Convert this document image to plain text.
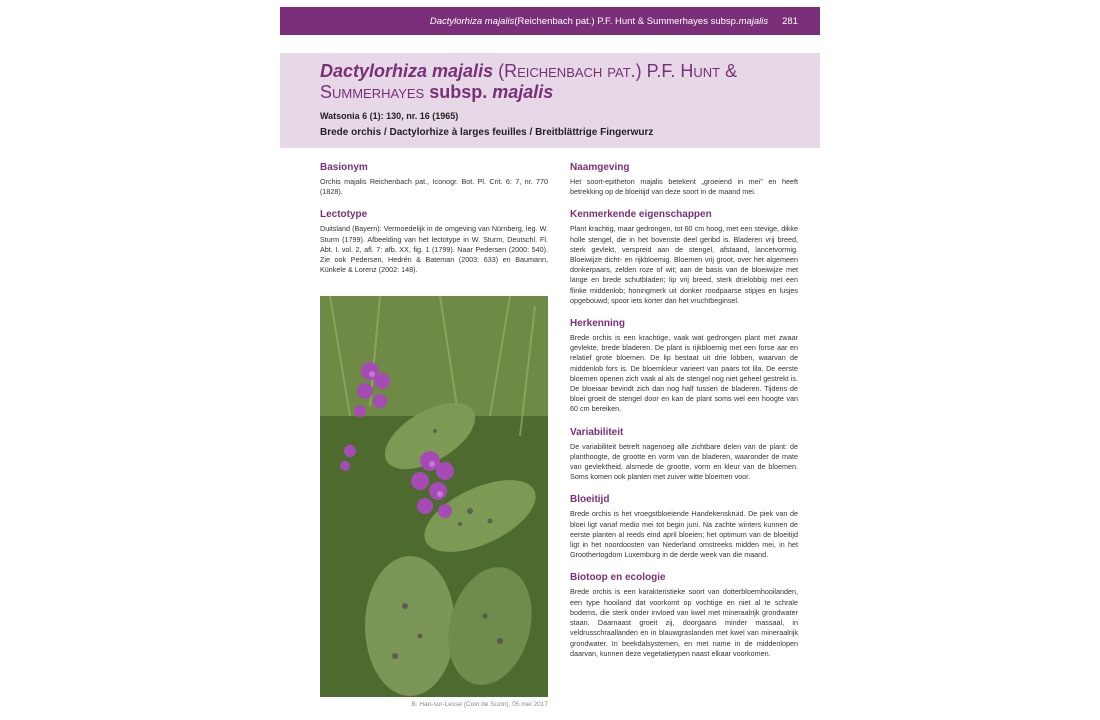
Dactylorhiza majalis (Reichenbach pat.) P.F. Hunt & Summerhayes subsp. majalis 281
Dactylorhiza majalis (Reichenbach pat.) P.F. Hunt & Summerhayes subsp. majalis
Watsonia 6 (1): 130, nr. 16 (1965)
Brede orchis / Dactylorhize à larges feuilles / Breitblättrige Fingerwurz
Basionym
Orchis majalis Reichenbach pat., Iconogr. Bot. Pl. Crit. 6: 7, nr. 770 (1828).
Lectotype
Duitsland (Bayern): Vermoedelijk in de omgeving van Nürnberg, leg. W. Sturm (1799). Afbeelding van het lectotype in W. Sturm, Deutschl. Fl. Abt. I. vol. 2, afl. 7: afb. XX, fig. 1 (1799). Naar Pedersen (2000: 540). Zie ook Pedersen, Hedrén & Bateman (2003: 633) en Baumann, Künkele & Lorenz (2002: 148).
B: Han-sur-Lesse (Coin de Suzin), 05 mei 2017
Naamgeving
Het soort-epitheton majalis betekent „groeiend in mei" en heeft betrekking op de bloeitijd van deze soort in de maand mei.
Kenmerkende eigenschappen
Plant krachtig, maar gedrongen, tot 60 cm hoog, met een stevige, dikke holle stengel, die in het bovenste deel geribd is. Bladeren vrij breed, sterk gevlekt, verspreid aan de stengel, afstaand, lancetvormig. Bloeiwijze dicht- en rijkbloemig. Bloemen vrij groot, over het algemeen donkerpaars, zelden roze of wit; aan de basis van de bloeiwijze met lange en brede schutbladen; lip vrij breed, sterk drielobbig met een flinke middenlob; honingmerk uit donker roodpaarse stipjes en lusjes opgebouwd; spoor iets korter dan het vruchtbeginsel.
Herkenning
Brede orchis is een krachtige, vaak wat gedrongen plant met zwaar gevlekte, brede bladeren. De plant is rijkbloemig met een forse aar en relatief grote bloemen. De lip bestaat uit drie lobben, waarvan de middenlob fors is. De bloemkleur varieert van paars tot lila. De eerste bloemen openen zich vaak al als de stengel nog niet geheel gestrekt is. De bloeiaar bevindt zich dan nog half tussen de bladeren. Tijdens de bloei groeit de stengel door en kan de plant soms wel een hoogte van 60 cm bereiken.
Variabiliteit
De variabiliteit betreft nagenoeg alle zichtbare delen van de plant: de planthoogte, de grootte en vorm van de bladeren, waaronder de mate van gevlektheid, alsmede de grootte, vorm en kleur van de bloemen. Soms komen ook planten met zuiver witte bloemen voor.
Bloeitijd
Brede orchis is het vroegstbloeiende Handekenskruid. De piek van de bloei ligt vanaf medio mei tot begin juni. Na zachte winters kunnen de eerste planten al reeds eind april bloeien; het optimum van de bloeitijd ligt in het noordoosten van Nederland omstreeks midden mei, in het Groothertogdom Luxemburg in de derde week van die maand.
Biotoop en ecologie
Brede orchis is een karakteristieke soort van dotterbloemhooilanden, een type hooiland dat voorkomt op vochtige en niet al te schrale bodems, die sterk onder invloed van kwel met mineraalrijk grondwater staan. Daarnaast groeit zij, doorgaans minder massaal, in veldrusschraallanden en in blauwgraslanden met kwel van mineraalrijk grondwater. In beekdalsystemen, en met name in de middenlopen daarvan, kunnen deze vegetatietypen naast elkaar voorkomen.
